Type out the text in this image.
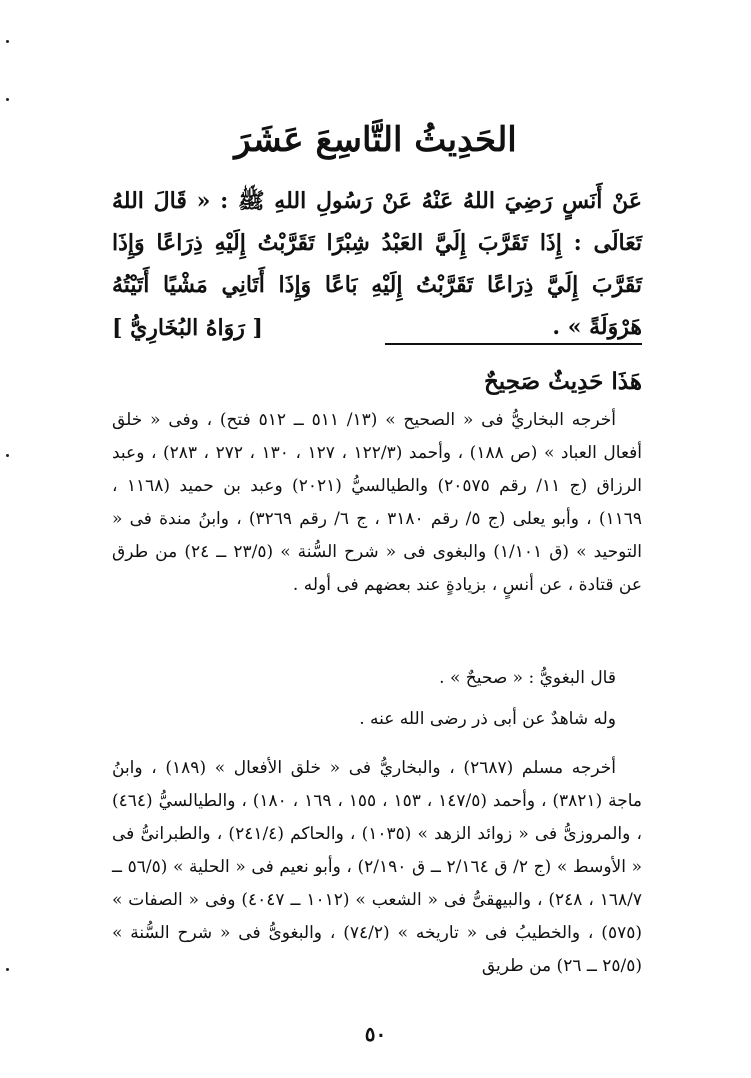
الحَدِيثُ التَّاسِعَ عَشَرَ

عَنْ أَنَسٍ رَضِيَ اللهُ عَنْهُ عَنْ رَسُولِ اللهِ ﷺ : « قَالَ اللهُ تَعَالَى : إِذَا تَقَرَّبَ إِلَيَّ العَبْدُ شِبْرًا تَقَرَّبْتُ إِلَيْهِ ذِرَاعًا وَإِذَا تَقَرَّبَ إِلَيَّ ذِرَاعًا تَقَرَّبْتُ إِلَيْهِ بَاعًا وَإِذَا أَتَانِي مَشْيًا أَتَيْتُهُ هَرْوَلَةً » .

[ رَوَاهُ البُخَارِيُّ ]
هَذَا حَدِيثٌ صَحِيحٌ

أخرجه البخاريُّ فى « الصحيح » (١٣/ ٥١١ ــ ٥١٢ فتح) ، وفى « خلق أفعال العباد » (ص ١٨٨) ، وأحمد (١٢٢/٣ ، ١٢٧ ، ١٣٠ ، ٢٧٢ ، ٢٨٣) ، وعبد الرزاق (ج ١١/ رقم ٢٠٥٧٥) والطيالسيُّ (٢٠٢١) وعبد بن حميد (١١٦٨ ، ١١٦٩) ، وأبو يعلى (ج ٥/ رقم ٣١٨٠ ، ج ٦/ رقم ٣٢٦٩) ، وابنُ مندة فى « التوحيد » (ق ١/١٠١) والبغوى فى « شرح السُّنة » (٢٣/٥ ــ ٢٤) من طرق عن قتادة ، عن أنسٍ ، بزيادةٍ عند بعضهم فى أوله .

قال البغويُّ : « صحيحٌ » .

وله شاهدٌ عن أبى ذر رضى الله عنه .

أخرجه مسلم (٢٦٨٧) ، والبخاريُّ فى « خلق الأفعال » (١٨٩) ، وابنُ ماجة (٣٨٢١) ، وأحمد (١٤٧/٥ ، ١٥٣ ، ١٥٥ ، ١٦٩ ، ١٨٠) ، والطيالسيُّ (٤٦٤) ، والمروزىُّ فى « زوائد الزهد » (١٠٣٥) ، والحاكم (٢٤١/٤) ، والطبرانىُّ فى « الأوسط » (ج ٢/ ق ٢/١٦٤ ــ ق ٢/١٩٠) ، وأبو نعيم فى « الحلية » (٥٦/٥ ــ ١٦٨/٧ ، ٢٤٨) ، والبيهقىُّ فى « الشعب » (١٠١٢ ــ ٤٠٤٧) وفى « الصفات » (٥٧٥) ، والخطيبُ فى « تاريخه » (٧٤/٢) ، والبغوىُّ فى « شرح السُّنة » (٢٥/٥ ــ ٢٦) من طريق

٥٠
